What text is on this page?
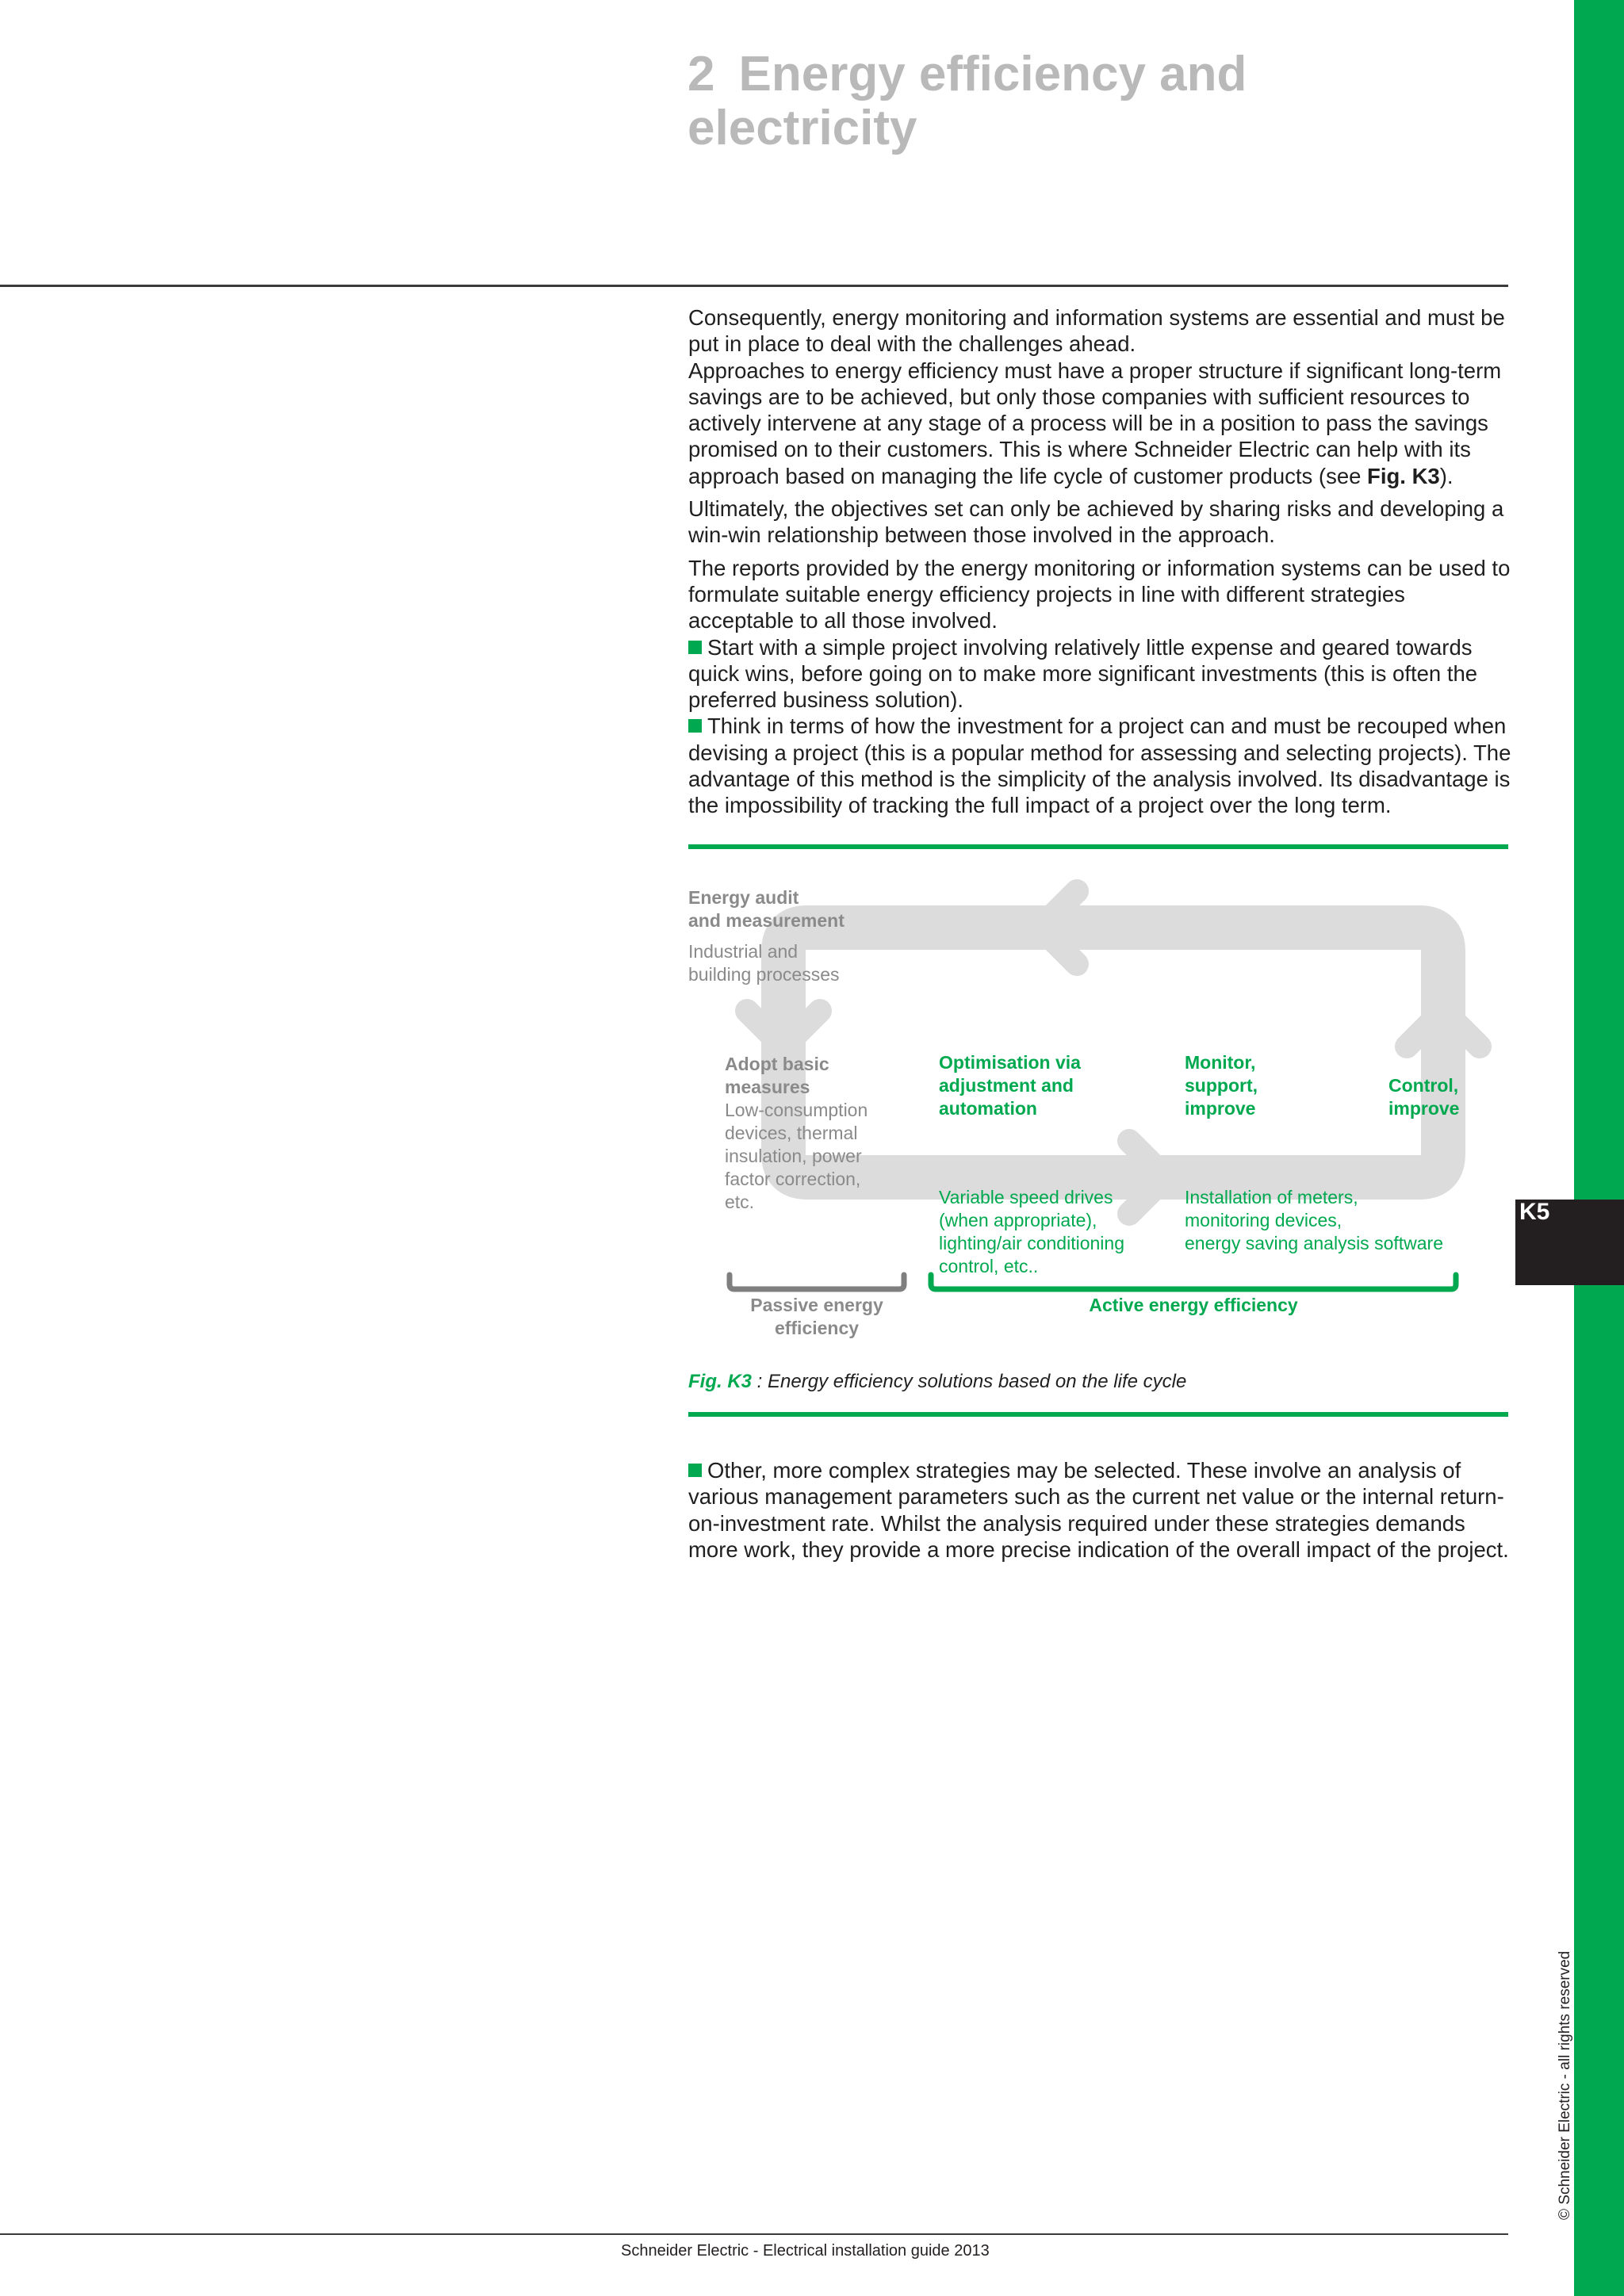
K5
© Schneider Electric - all rights reserved
2 Energy efficiency and
electricity

Consequently, energy monitoring and information systems are essential and must be put in place to deal with the challenges ahead.

Approaches to energy efficiency must have a proper structure if significant long-term savings are to be achieved, but only those companies with sufficient resources to actively intervene at any stage of a process will be in a position to pass the savings promised on to their customers. This is where Schneider Electric can help with its approach based on managing the life cycle of customer products (see Fig. K3).

Ultimately, the objectives set can only be achieved by sharing risks and developing a win-win relationship between those involved in the approach.

The reports provided by the energy monitoring or information systems can be used to formulate suitable energy efficiency projects in line with different strategies acceptable to all those involved.

Start with a simple project involving relatively little expense and geared towards quick wins, before going on to make more significant investments (this is often the preferred business solution).

Think in terms of how the investment for a project can and must be recouped when devising a project (this is a popular method for assessing and selecting projects). The advantage of this method is the simplicity of the analysis involved. Its disadvantage is the impossibility of tracking the full impact of a project over the long term.

Energy audit
and measurement
Industrial and
building processes
Adopt basic
measures
Low-consumption
devices, thermal
insulation, power
factor correction,
etc.
Optimisation via
adjustment and
automation
Variable speed drives
(when appropriate),
lighting/air conditioning
control, etc..
Monitor,
support,
improve
Installation of meters,
monitoring devices,
energy saving analysis software
Control,
improve
Passive energy
efficiency
Active energy efficiency
Fig. K3 : Energy efficiency solutions based on the life cycle

Other, more complex strategies may be selected. These involve an analysis of various management parameters such as the current net value or the internal return-on-investment rate. Whilst the analysis required under these strategies demands more work, they provide a more precise indication of the overall impact of the project.

Schneider Electric - Electrical installation guide 2013
